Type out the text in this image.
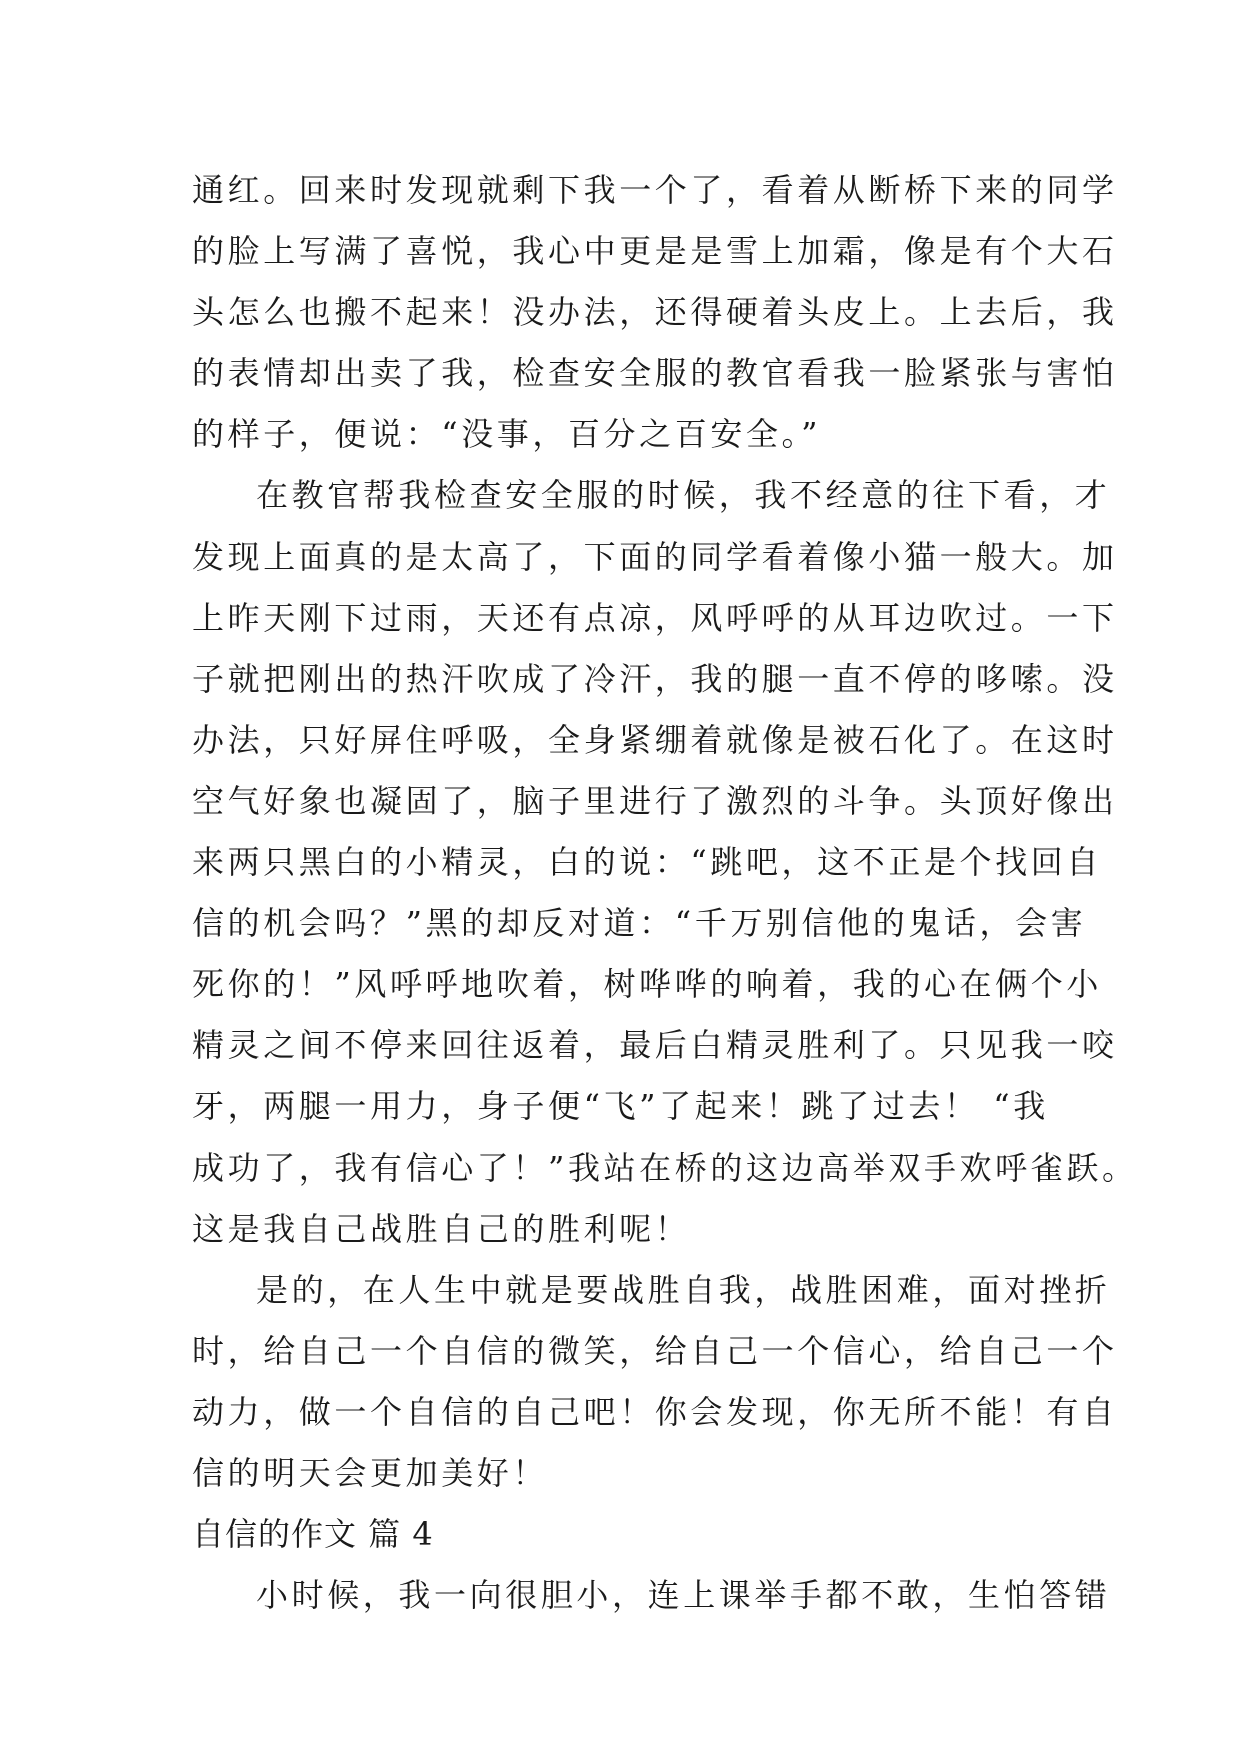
通红。回来时发现就剩下我一个了，看着从断桥下来的同学
的脸上写满了喜悦，我心中更是是雪上加霜，像是有个大石
头怎么也搬不起来！没办法，还得硬着头皮上。上去后，我
的表情却出卖了我，检查安全服的教官看我一脸紧张与害怕
的样子，便说：“没事，百分之百安全。”
在教官帮我检查安全服的时候，我不经意的往下看，才
发现上面真的是太高了，下面的同学看着像小猫一般大。加
上昨天刚下过雨，天还有点凉，风呼呼的从耳边吹过。一下
子就把刚出的热汗吹成了冷汗，我的腿一直不停的哆嗦。没
办法，只好屏住呼吸，全身紧绷着就像是被石化了。在这时
空气好象也凝固了，脑子里进行了激烈的斗争。头顶好像出
来两只黑白的小精灵，白的说：“跳吧，这不正是个找回自
信的机会吗？”黑的却反对道：“千万别信他的鬼话，会害
死你的！”风呼呼地吹着，树哗哗的响着，我的心在俩个小
精灵之间不停来回往返着，最后白精灵胜利了。只见我一咬
牙，两腿一用力，身子便“飞”了起来！跳了过去！ “我
成功了，我有信心了！”我站在桥的这边高举双手欢呼雀跃。
这是我自己战胜自己的胜利呢！
是的，在人生中就是要战胜自我，战胜困难，面对挫折
时，给自己一个自信的微笑，给自己一个信心，给自己一个
动力，做一个自信的自己吧！你会发现，你无所不能！有自
信的明天会更加美好！
自信的作文 篇 4
小时候，我一向很胆小，连上课举手都不敢，生怕答错
